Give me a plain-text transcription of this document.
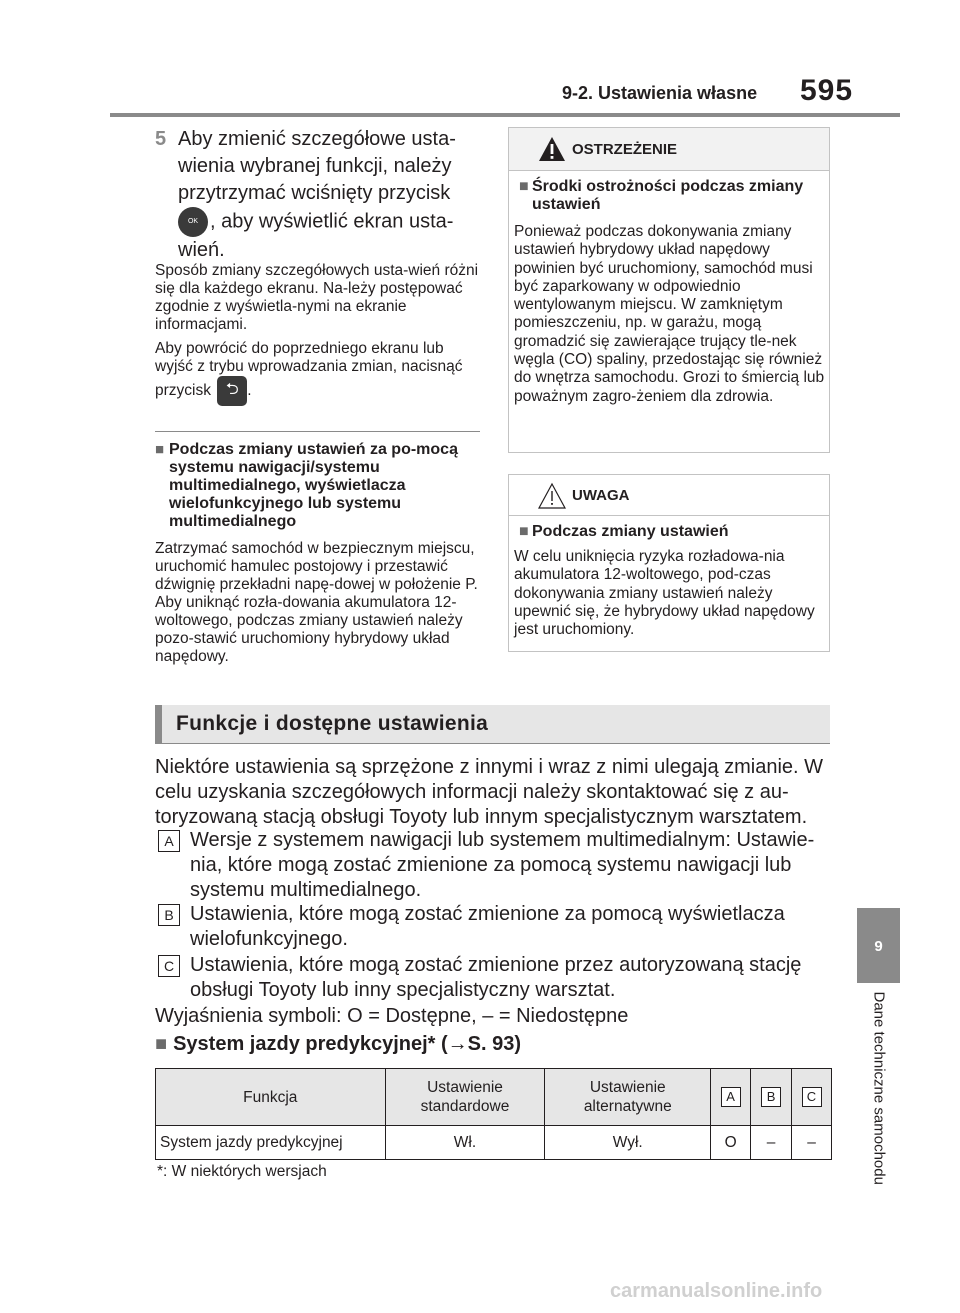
9-2. Ustawienia własne 595
5 Aby zmienić szczegółowe usta-wienia wybranej funkcji, należy przytrzymać wciśnięty przycisk
OK , aby wyświetlić ekran usta-wień.

Sposób zmiany szczegółowych usta-wień różni się dla każdego ekranu. Na-leży postępować zgodnie z wyświetla-nymi na ekranie informacjami.

Aby powrócić do poprzedniego ekranu lub wyjść z trybu wprowadzania zmian, nacisnąć przycisk ⮌ .

■ Podczas zmiany ustawień za po-mocą systemu nawigacji/systemu multimedialnego, wyświetlacza wielofunkcyjnego lub systemu multimedialnego
Zatrzymać samochód w bezpiecznym miejscu, uruchomić hamulec postojowy i przestawić dźwignię przekładni napę-dowej w położenie P. Aby uniknąć rozła-dowania akumulatora 12-woltowego, podczas zmiany ustawień należy pozo-stawić uruchomiony hybrydowy układ napędowy.
OSTRZEŻENIE
■ Środki ostrożności podczas zmiany ustawień
Ponieważ podczas dokonywania zmiany ustawień hybrydowy układ napędowy powinien być uruchomiony, samochód musi być zaparkowany w odpowiednio wentylowanym miejscu. W zamkniętym pomieszczeniu, np. w garażu, mogą gromadzić się zawierające trujący tle-nek węgla (CO) spaliny, przedostając się również do wnętrza samochodu. Grozi to śmiercią lub poważnym zagro-żeniem dla zdrowia.
UWAGA
■ Podczas zmiany ustawień
W celu uniknięcia ryzyka rozładowa-nia akumulatora 12-woltowego, pod-czas dokonywania zmiany ustawień należy upewnić się, że hybrydowy układ napędowy jest uruchomiony.
Funkcje i dostępne ustawienia
Niektóre ustawienia są sprzężone z innymi i wraz z nimi ulegają zmianie. W celu uzyskania szczegółowych informacji należy skontaktować się z au-toryzowaną stacją obsługi Toyoty lub innym specjalistycznym warsztatem.
A Wersje z systemem nawigacji lub systemem multimedialnym: Ustawie-nia, które mogą zostać zmienione za pomocą systemu nawigacji lub systemu multimedialnego.
B Ustawienia, które mogą zostać zmienione za pomocą wyświetlacza wielofunkcyjnego.
C Ustawienia, które mogą zostać zmienione przez autoryzowaną stację obsługi Toyoty lub inny specjalistyczny warsztat.
Wyjaśnienia symboli: O = Dostępne, – = Niedostępne
■ System jazdy predykcyjnej* (→S. 93)
Funkcja	Ustawienie standardowe	Ustawienie alternatywne	A	B	C
System jazdy predykcyjnej	Wł.	Wył.	O	–	–
*: W niektórych wersjach
9
Dane techniczne samochodu
carmanualsonline.info
